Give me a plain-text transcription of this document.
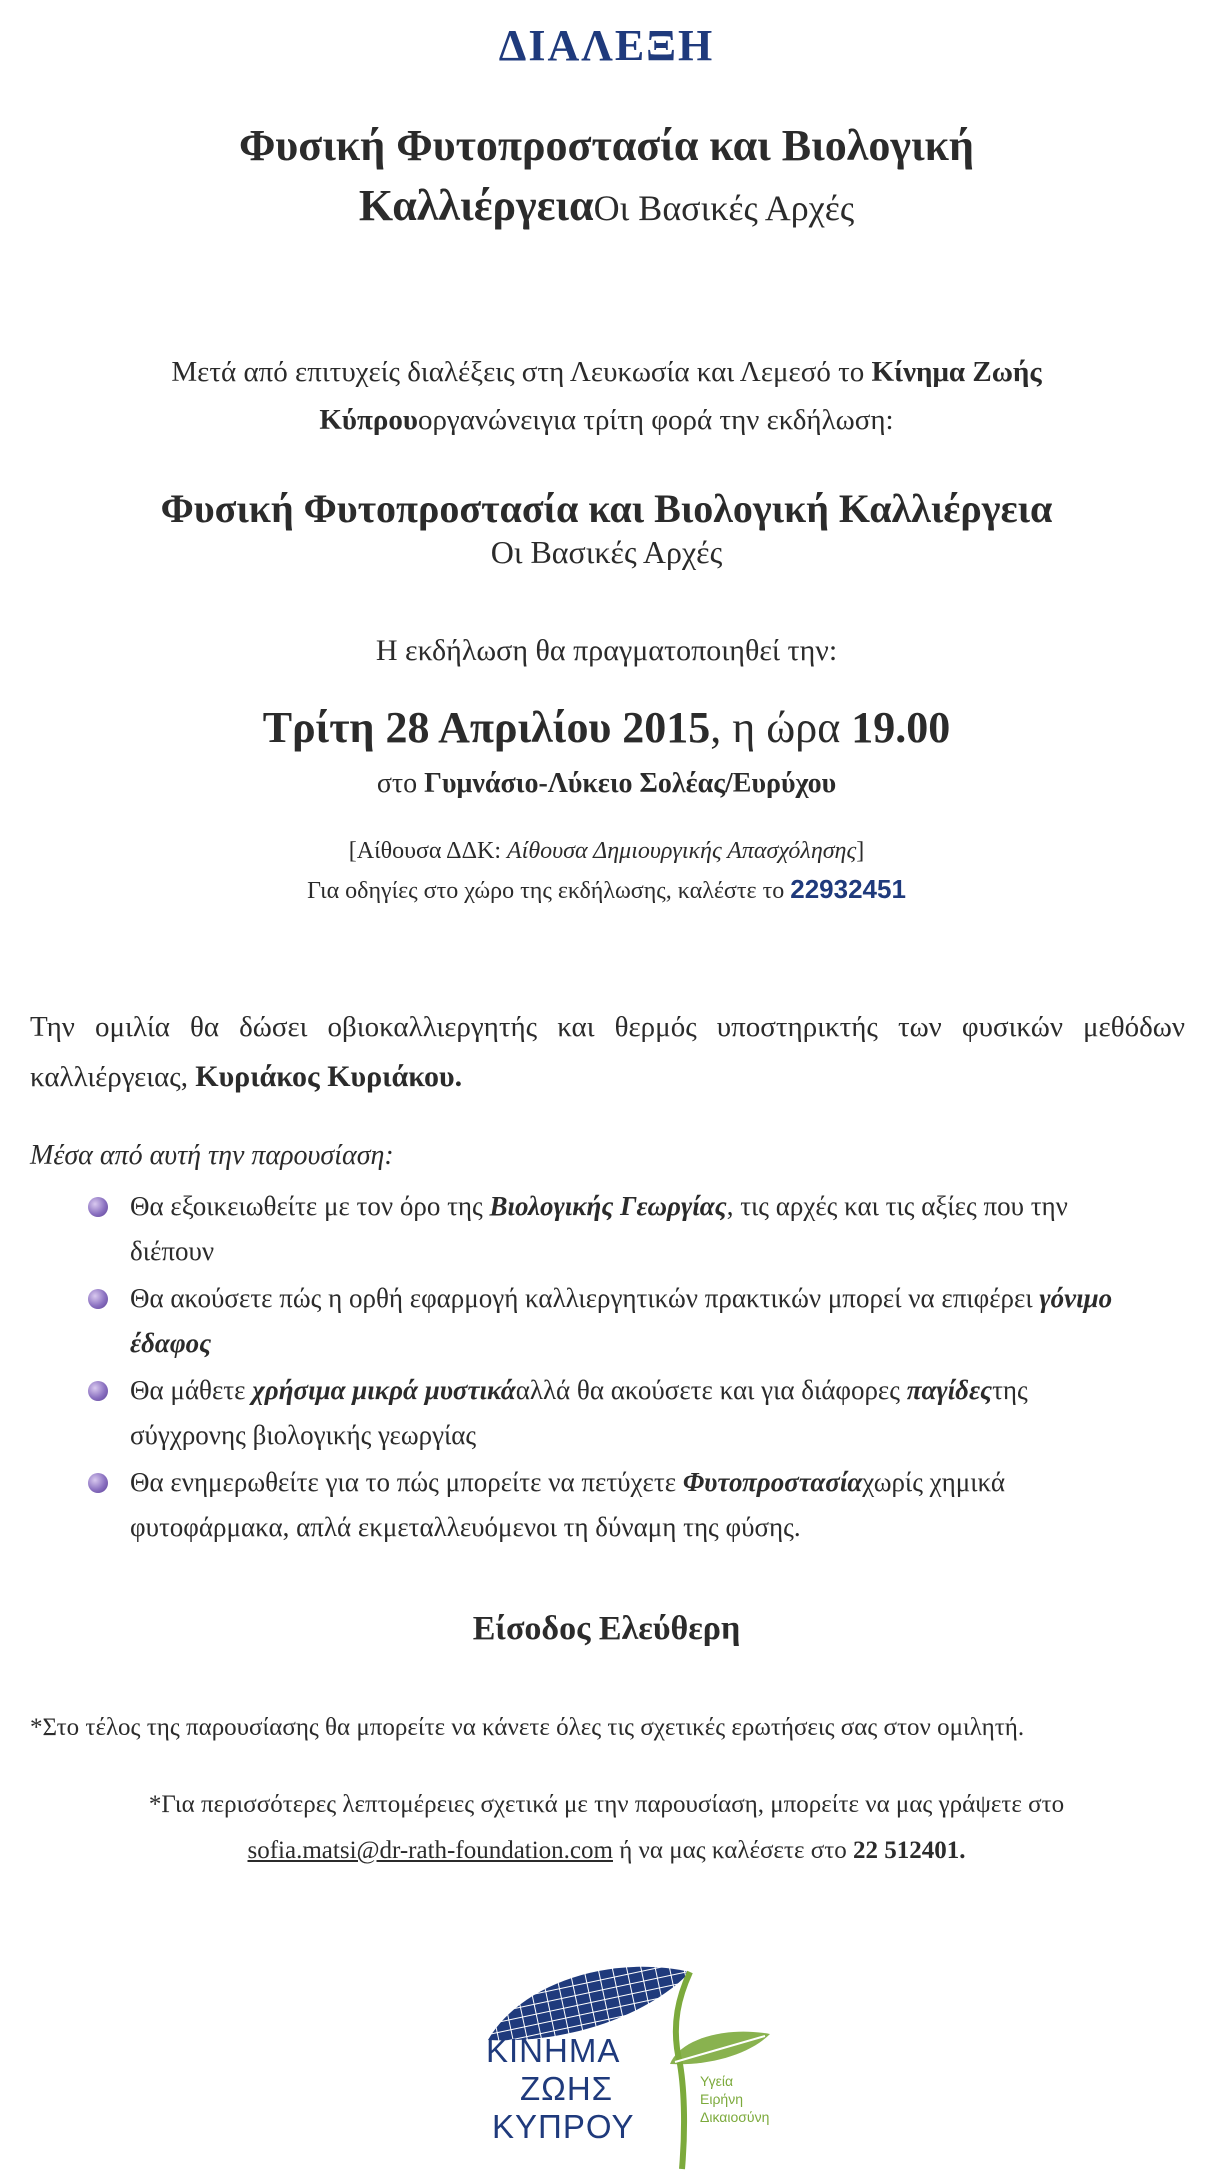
ΔΙΑΛΕΞΗ
Φυσική Φυτοπροστασία και Βιολογική
ΚαλλιέργειαΟι Βασικές Αρχές
Μετά από επιτυχείς διαλέξεις στη Λευκωσία και Λεμεσό το Κίνημα Ζωής
Κύπρουοργανώνειγια τρίτη φορά την εκδήλωση:
Φυσική Φυτοπροστασία και Βιολογική Καλλιέργεια
Οι Βασικές Αρχές
Η εκδήλωση θα πραγματοποιηθεί την:
Τρίτη 28 Απριλίου 2015, η ώρα 19.00
στο Γυμνάσιο-Λύκειο Σολέας/Ευρύχου
[Αίθουσα ΔΔΚ: Αίθουσα Δημιουργικής Απασχόλησης]
Για οδηγίες στο χώρο της εκδήλωσης, καλέστε το 22932451
Την ομιλία θα δώσει οβιοκαλλιεργητής και θερμός υποστηρικτής των φυσικών μεθόδων καλλιέργειας, Κυριάκος Κυριάκου.
Μέσα από αυτή την παρουσίαση:
Θα εξοικειωθείτε με τον όρο της Βιολογικής Γεωργίας, τις αρχές και τις αξίες που την διέπουν
Θα ακούσετε πώς η ορθή εφαρμογή καλλιεργητικών πρακτικών μπορεί να επιφέρει γόνιμο έδαφος
Θα μάθετε χρήσιμα μικρά μυστικάαλλά θα ακούσετε και για διάφορες παγίδεςτης σύγχρονης βιολογικής γεωργίας
Θα ενημερωθείτε για το πώς μπορείτε να πετύχετε Φυτοπροστασίαχωρίς χημικά φυτοφάρμακα, απλά εκμεταλλευόμενοι τη δύναμη της φύσης.
Είσοδος Ελεύθερη
*Στο τέλος της παρουσίασης θα μπορείτε να κάνετε όλες τις σχετικές ερωτήσεις σας στον ομιλητή.
*Για περισσότερες λεπτομέρειες σχετικά με την παρουσίαση, μπορείτε να μας γράψετε στο
sofia.matsi@dr-rath-foundation.com ή να μας καλέσετε στο 22 512401.
ΚΙΝΗΜΑ
ΖΩΗΣ
ΚΥΠΡΟΥ
Υγεία
Ειρήνη
Δικαιοσύνη
